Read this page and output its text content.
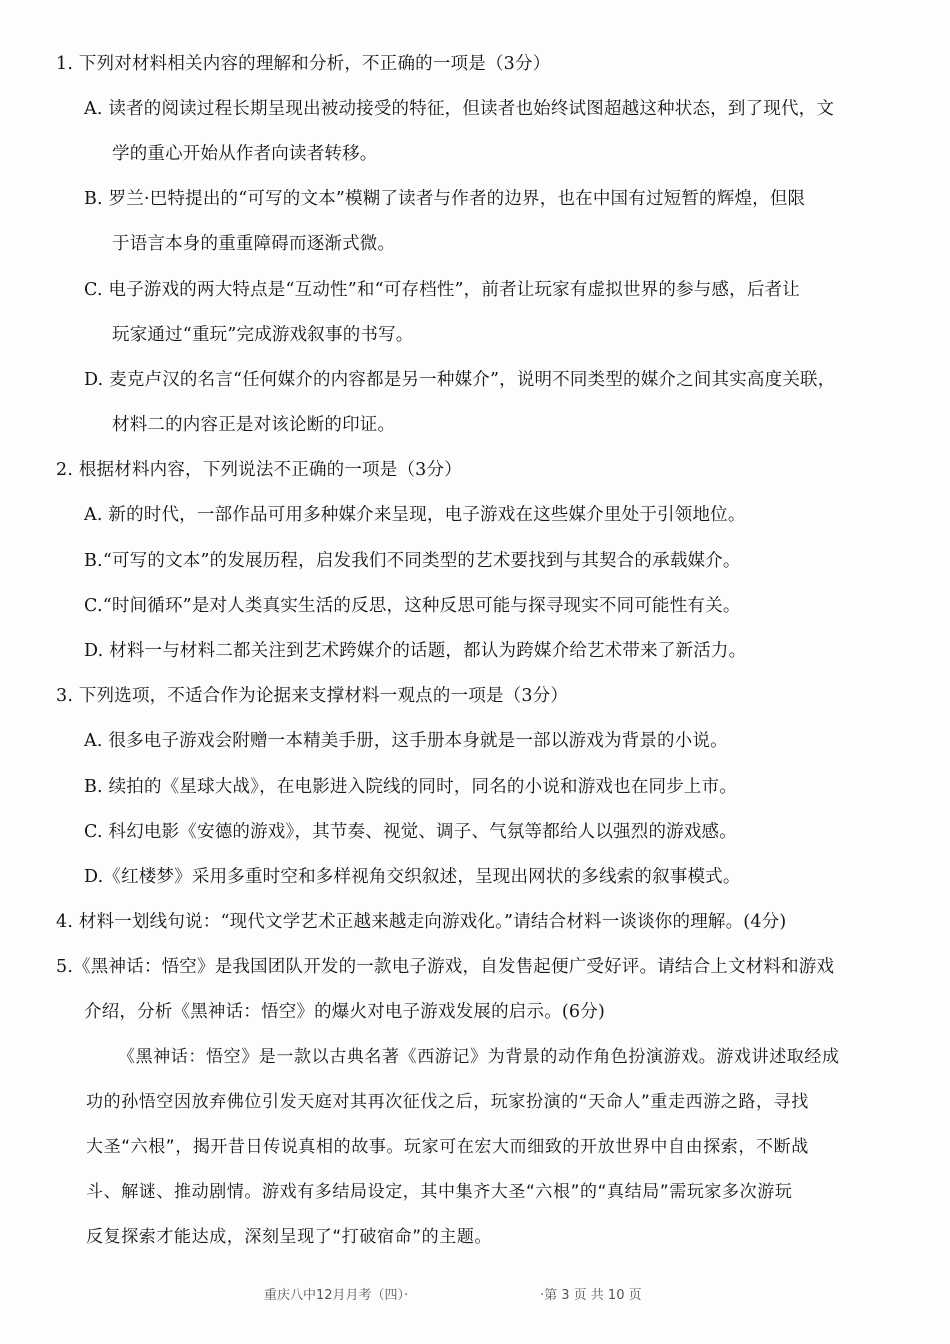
1. 下列对材料相关内容的理解和分析，不正确的一项是（3分）
A. 读者的阅读过程长期呈现出被动接受的特征，但读者也始终试图超越这种状态，到了现代，文
学的重心开始从作者向读者转移。
B. 罗兰·巴特提出的“可写的文本”模糊了读者与作者的边界，也在中国有过短暂的辉煌，但限
于语言本身的重重障碍而逐渐式微。
C. 电子游戏的两大特点是“互动性”和“可存档性”，前者让玩家有虚拟世界的参与感，后者让
玩家通过“重玩”完成游戏叙事的书写。
D. 麦克卢汉的名言“任何媒介的内容都是另一种媒介”，说明不同类型的媒介之间其实高度关联，
材料二的内容正是对该论断的印证。
2. 根据材料内容，下列说法不正确的一项是（3分）
A. 新的时代，一部作品可用多种媒介来呈现，电子游戏在这些媒介里处于引领地位。
B.“可写的文本”的发展历程，启发我们不同类型的艺术要找到与其契合的承载媒介。
C.“时间循环”是对人类真实生活的反思，这种反思可能与探寻现实不同可能性有关。
D. 材料一与材料二都关注到艺术跨媒介的话题，都认为跨媒介给艺术带来了新活力。
3. 下列选项，不适合作为论据来支撑材料一观点的一项是（3分）
A. 很多电子游戏会附赠一本精美手册，这手册本身就是一部以游戏为背景的小说。
B. 续拍的《星球大战》，在电影进入院线的同时，同名的小说和游戏也在同步上市。
C. 科幻电影《安德的游戏》，其节奏、视觉、调子、气氛等都给人以强烈的游戏感。
D.《红楼梦》采用多重时空和多样视角交织叙述，呈现出网状的多线索的叙事模式。
4. 材料一划线句说：“现代文学艺术正越来越走向游戏化。”请结合材料一谈谈你的理解。(4分)
5.《黑神话：悟空》是我国团队开发的一款电子游戏，自发售起便广受好评。请结合上文材料和游戏
介绍，分析《黑神话：悟空》的爆火对电子游戏发展的启示。(6分)
《黑神话：悟空》是一款以古典名著《西游记》为背景的动作角色扮演游戏。游戏讲述取经成
功的孙悟空因放弃佛位引发天庭对其再次征伐之后，玩家扮演的“天命人”重走西游之路，寻找
大圣“六根”，揭开昔日传说真相的故事。玩家可在宏大而细致的开放世界中自由探索，不断战
斗、解谜、推动剧情。游戏有多结局设定，其中集齐大圣“六根”的“真结局”需玩家多次游玩
反复探索才能达成，深刻呈现了“打破宿命”的主题。
重庆八中12月月考（四）·	·第 3 页 共 10 页
